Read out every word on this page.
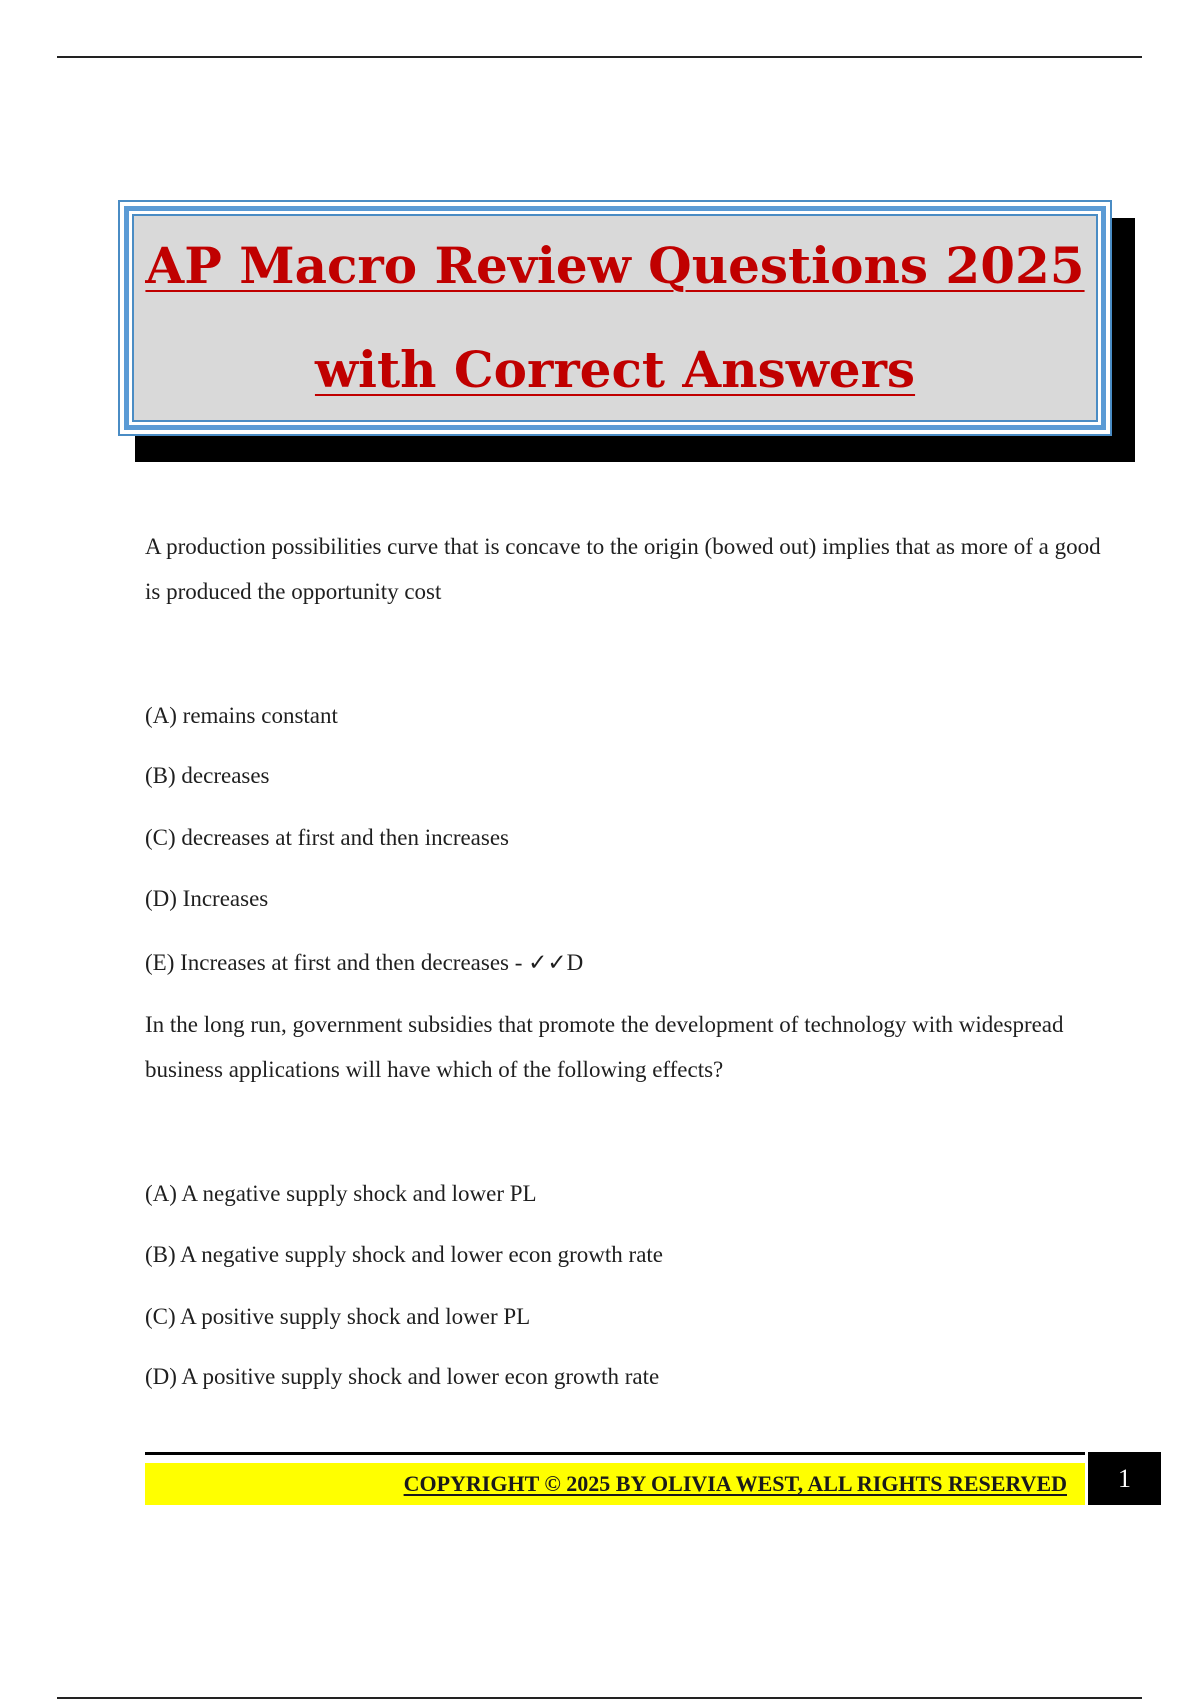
AP Macro Review Questions 2025
with Correct Answers
A production possibilities curve that is concave to the origin (bowed out) implies that as more of a good is produced the opportunity cost
(A) remains constant
(B) decreases
(C) decreases at first and then increases
(D) Increases
(E) Increases at first and then decreases - ✓✓D
In the long run, government subsidies that promote the development of technology with widespread business applications will have which of the following effects?
(A) A negative supply shock and lower PL
(B) A negative supply shock and lower econ growth rate
(C) A positive supply shock and lower PL
(D) A positive supply shock and lower econ growth rate
COPYRIGHT © 2025 BY OLIVIA WEST, ALL RIGHTS RESERVED 1
